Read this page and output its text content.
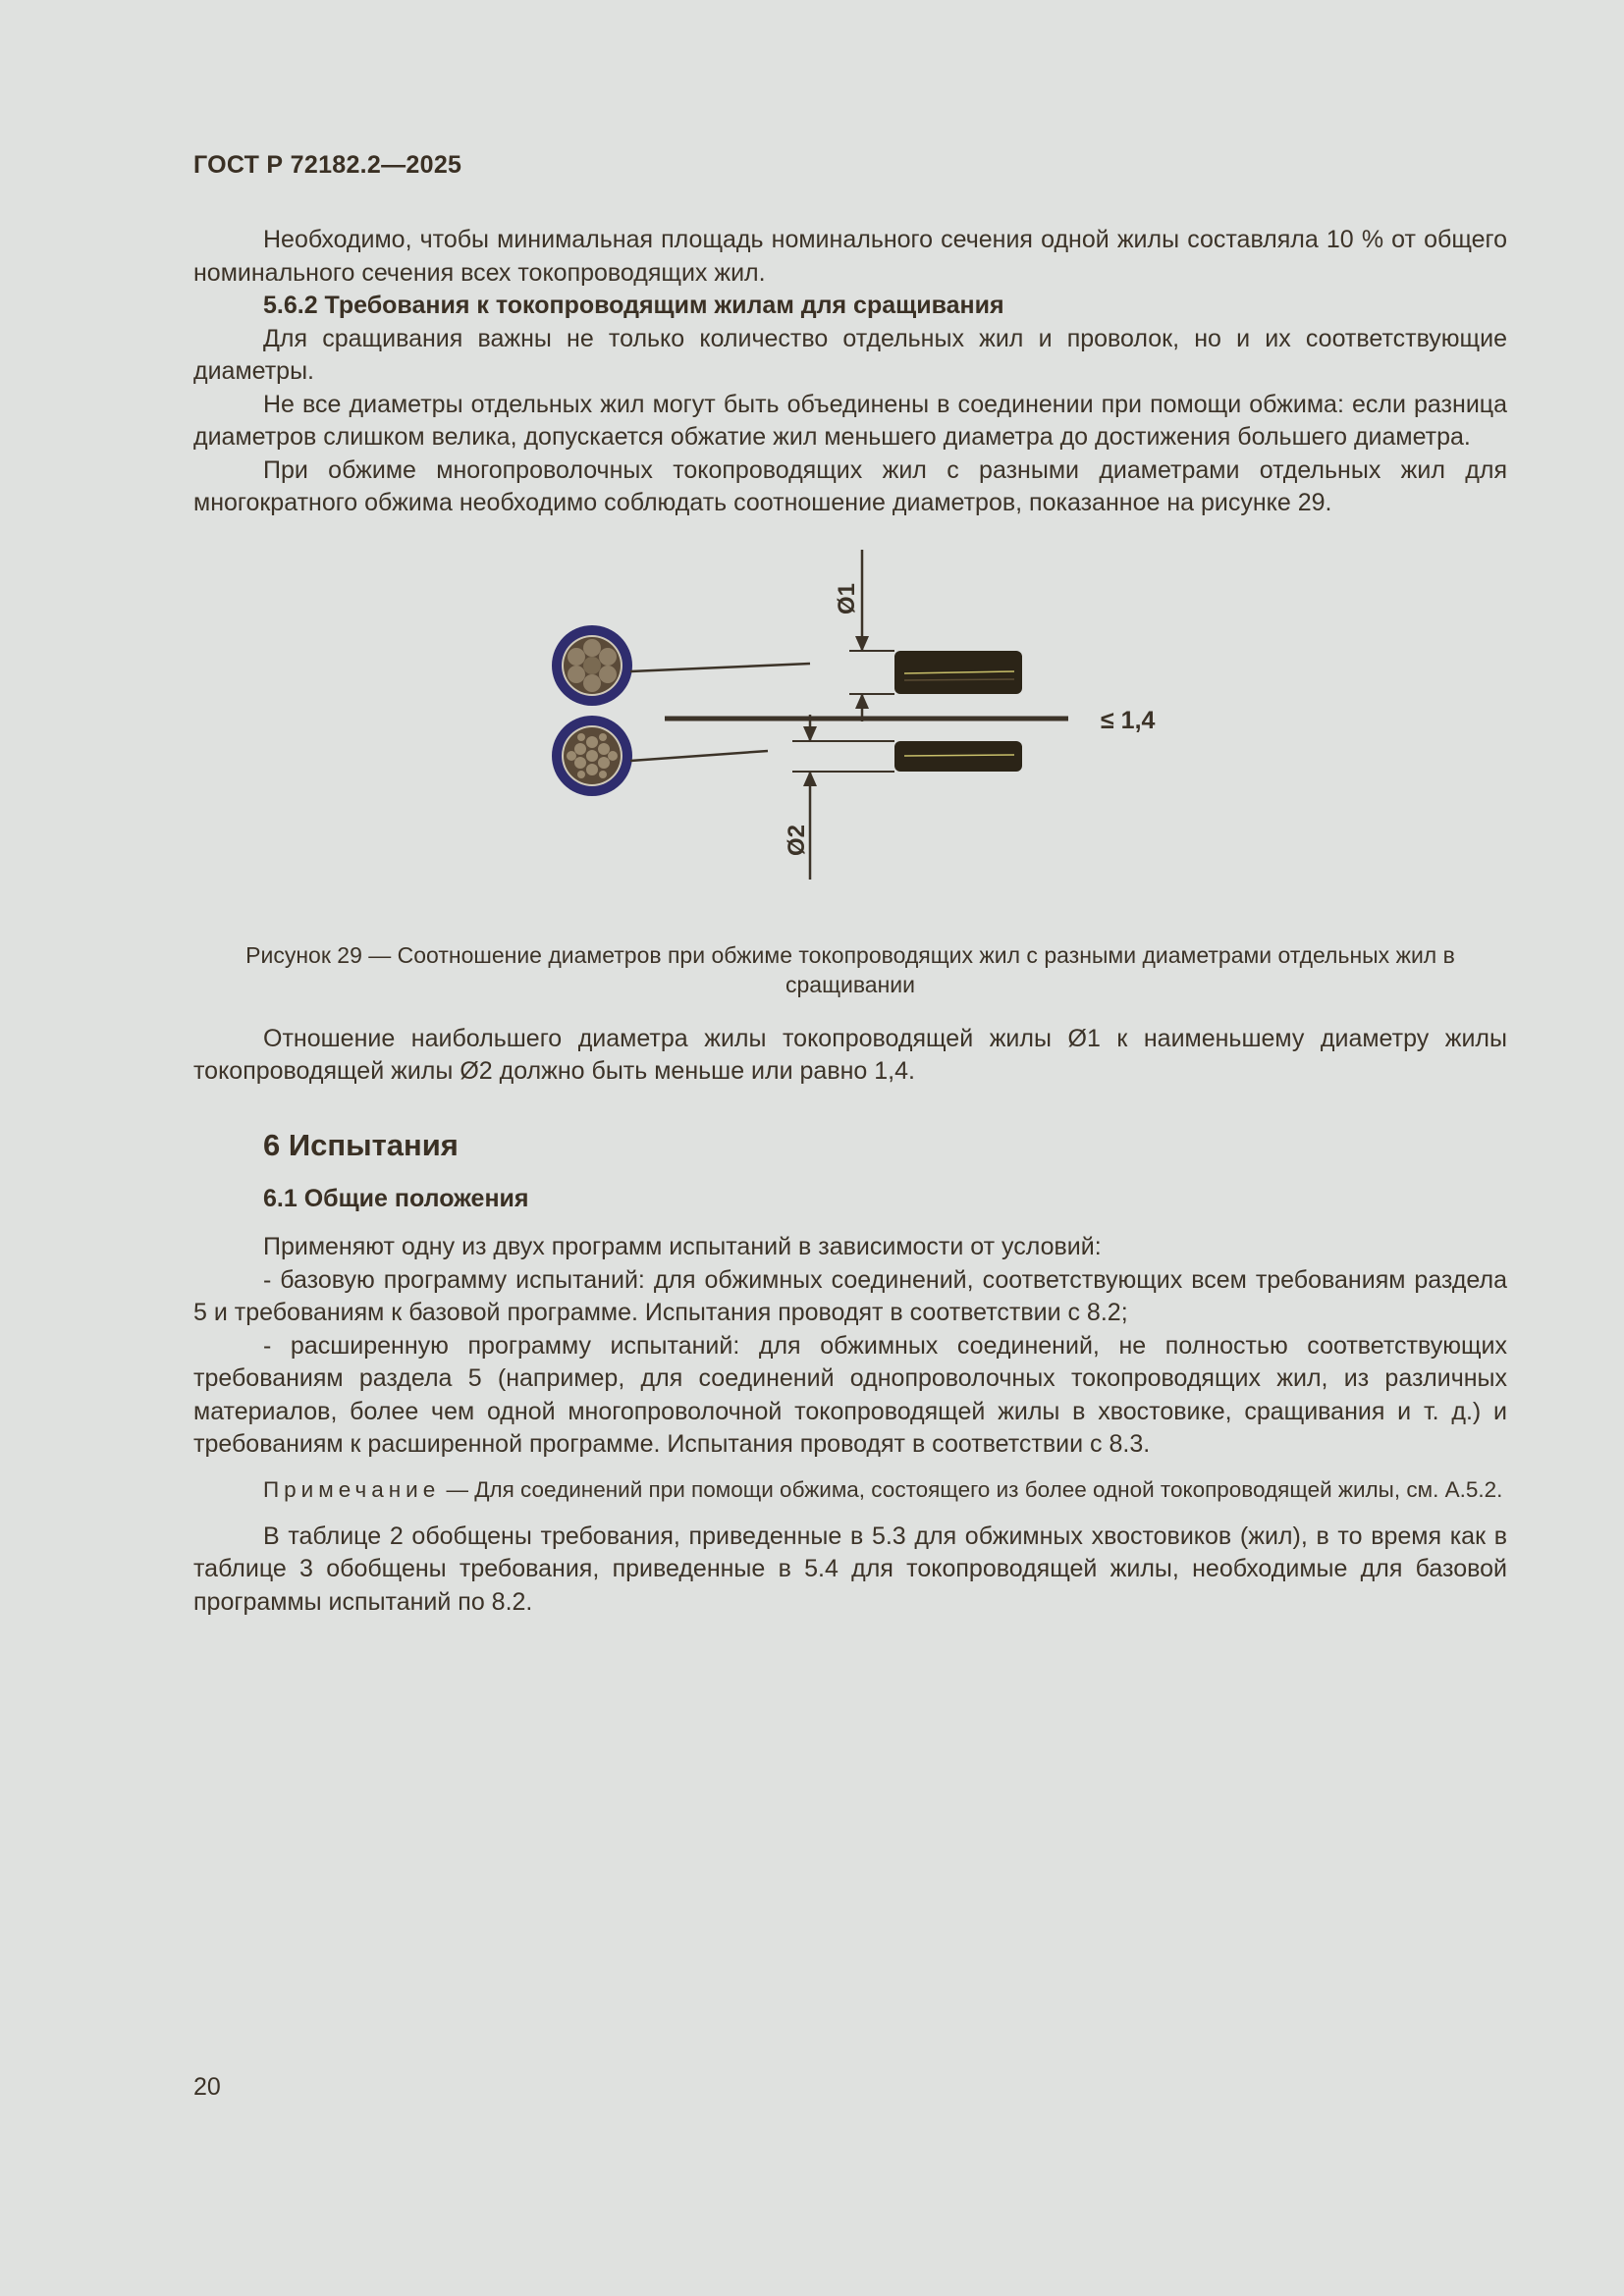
ГОСТ Р 72182.2—2025

Необходимо, чтобы минимальная площадь номинального сечения одной жилы составляла 10 % от общего номинального сечения всех токопроводящих жил.

5.6.2 Требования к токопроводящим жилам для сращивания

Для сращивания важны не только количество отдельных жил и проволок, но и их соответствующие диаметры.

Не все диаметры отдельных жил могут быть объединены в соединении при помощи обжима: если разница диаметров слишком велика, допускается обжатие жил меньшего диаметра до достижения большего диаметра.

При обжиме многопроволочных токопроводящих жил с разными диаметрами отдельных жил для многократного обжима необходимо соблюдать соотношение диаметров, показанное на рисунке 29.

Ø1
Ø2
≤ 1,4

Рисунок 29 — Соотношение диаметров при обжиме токопроводящих жил с разными диаметрами отдельных жил в сращивании

Отношение наибольшего диаметра жилы токопроводящей жилы Ø1 к наименьшему диаметру жилы токопроводящей жилы Ø2 должно быть меньше или равно 1,4.

6 Испытания
6.1 Общие положения

Применяют одну из двух программ испытаний в зависимости от условий:

- базовую программу испытаний: для обжимных соединений, соответствующих всем требованиям раздела 5 и требованиям к базовой программе. Испытания проводят в соответствии с 8.2;

- расширенную программу испытаний: для обжимных соединений, не полностью соответствующих требованиям раздела 5 (например, для соединений однопроволочных токопроводящих жил, из различных материалов, более чем одной многопроволочной токопроводящей жилы в хвостовике, сращивания и т. д.) и требованиям к расширенной программе. Испытания проводят в соответствии с 8.3.

Примечание — Для соединений при помощи обжима, состоящего из более одной токопроводящей жилы, см. А.5.2.

В таблице 2 обобщены требования, приведенные в 5.3 для обжимных хвостовиков (жил), в то время как в таблице 3 обобщены требования, приведенные в 5.4 для токопроводящей жилы, необходимые для базовой программы испытаний по 8.2.

20
